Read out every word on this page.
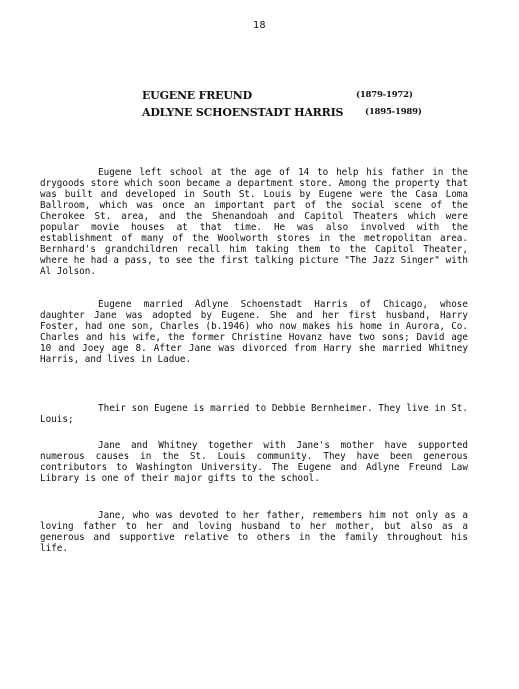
18
EUGENE FREUND	(1879-1972)
ADLYNE SCHOENSTADT HARRIS	(1895-1989)

Eugene left school at the age of 14 to help his father in the drygoods store which soon became a department store. Among the property that was built and developed in South St. Louis by Eugene were the Casa Loma Ballroom, which was once an important part of the social scene of the Cherokee St. area, and the Shenandoah and Capitol Theaters which were popular movie houses at that time. He was also involved with the establishment of many of the Woolworth stores in the metropolitan area. Bernhard's grandchildren recall him taking them to the Capitol Theater, where he had a pass, to see the first talking picture "The Jazz Singer" with Al Jolson.

Eugene married Adlyne Schoenstadt Harris of Chicago, whose daughter Jane was adopted by Eugene. She and her first husband, Harry Foster, had one son, Charles (b.1946) who now makes his home in Aurora, Co. Charles and his wife, the former Christine Hovanz have two sons; David age 10 and Joey age 8. After Jane was divorced from Harry she married Whitney Harris, and lives in Ladue.

Their son Eugene is married to Debbie Bernheimer. They live in St. Louis;

Jane and Whitney together with Jane's mother have supported numerous causes in the St. Louis community. They have been generous contributors to Washington University. The Eugene and Adlyne Freund Law Library is one of their major gifts to the school.

Jane, who was devoted to her father, remembers him not only as a loving father to her and loving husband to her mother, but also as a generous and supportive relative to others in the family throughout his life.
